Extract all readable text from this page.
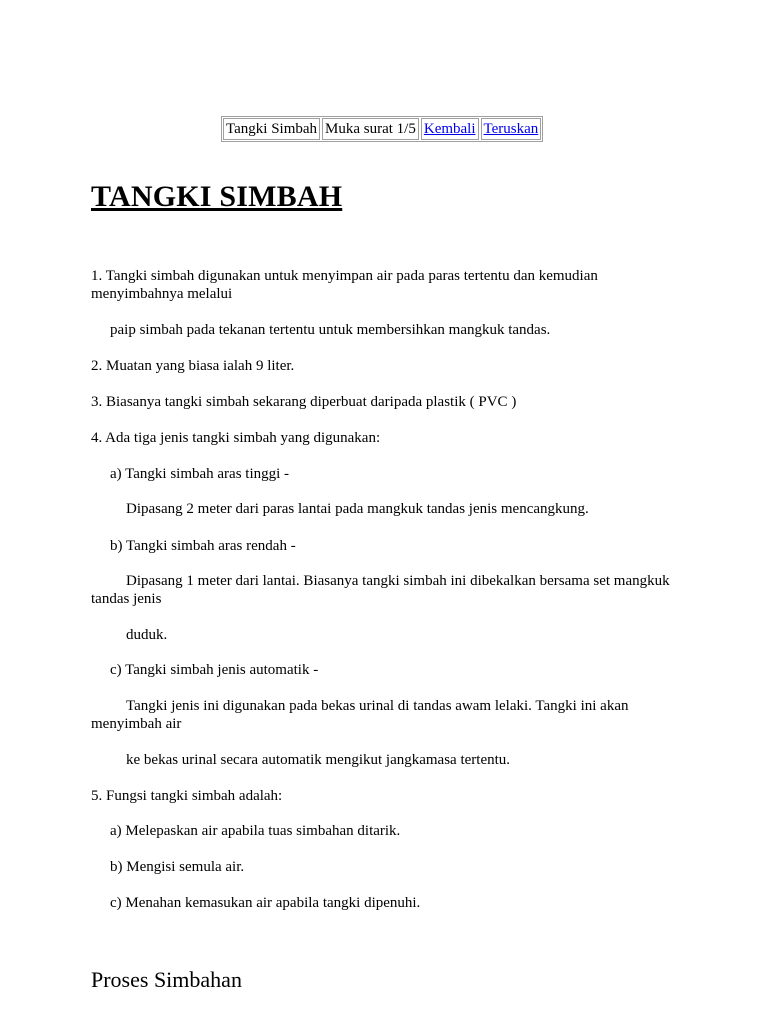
Tangki Simbah Muka surat 1/5 Kembali Teruskan
TANGKI SIMBAH

1. Tangki simbah digunakan untuk menyimpan air pada paras tertentu dan kemudian menyimbahnya melalui

paip simbah pada tekanan tertentu untuk membersihkan mangkuk tandas.

2. Muatan yang biasa ialah 9 liter.

3. Biasanya tangki simbah sekarang diperbuat daripada plastik ( PVC )

4. Ada tiga jenis tangki simbah yang digunakan:

a) Tangki simbah aras tinggi -

Dipasang 2 meter dari paras lantai pada mangkuk tandas jenis mencangkung.

b) Tangki simbah aras rendah -

Dipasang 1 meter dari lantai. Biasanya tangki simbah ini dibekalkan bersama set mangkuk tandas jenis

duduk.

c) Tangki simbah jenis automatik -

Tangki jenis ini digunakan pada bekas urinal di tandas awam lelaki. Tangki ini akan menyimbah air

ke bekas urinal secara automatik mengikut jangkamasa tertentu.

5. Fungsi tangki simbah adalah:

a) Melepaskan air apabila tuas simbahan ditarik.

b) Mengisi semula air.

c) Menahan kemasukan air apabila tangki dipenuhi.

Proses Simbahan
